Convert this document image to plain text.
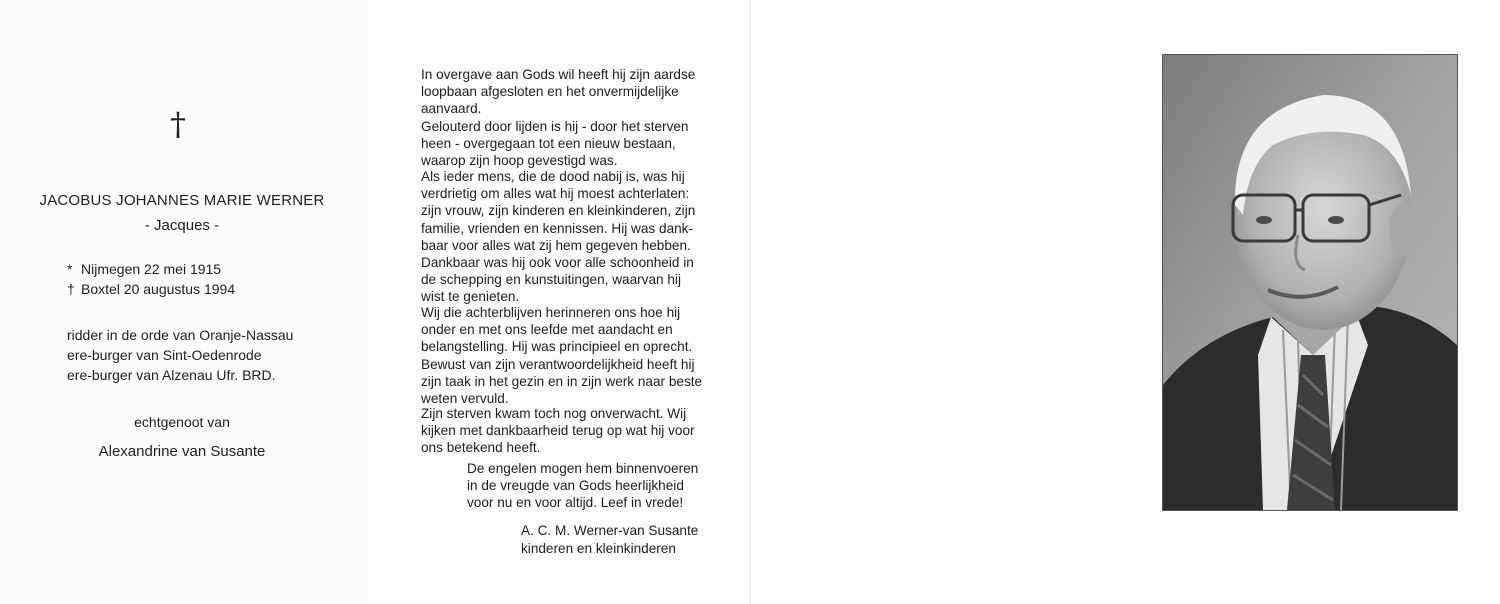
†
JACOBUS JOHANNES MARIE WERNER
- Jacques -
* Nijmegen 22 mei 1915
† Boxtel 20 augustus 1994
ridder in de orde van Oranje-Nassau
ere-burger van Sint-Oedenrode
ere-burger van Alzenau Ufr. BRD.
echtgenoot van
Alexandrine van Susante
In overgave aan Gods wil heeft hij zijn aardse
loopbaan afgesloten en het onvermijdelijke
aanvaard.
Gelouterd door lijden is hij - door het sterven
heen - overgegaan tot een nieuw bestaan,
waarop zijn hoop gevestigd was.
Als ieder mens, die de dood nabij is, was hij
verdrietig om alles wat hij moest achterlaten:
zijn vrouw, zijn kinderen en kleinkinderen, zijn
familie, vrienden en kennissen. Hij was dank-
baar voor alles wat zij hem gegeven hebben.
Dankbaar was hij ook voor alle schoonheid in
de schepping en kunstuitingen, waarvan hij
wist te genieten.
Wij die achterblijven herinneren ons hoe hij
onder en met ons leefde met aandacht en
belangstelling. Hij was principieel en oprecht.
Bewust van zijn verantwoordelijkheid heeft hij
zijn taak in het gezin en in zijn werk naar beste
weten vervuld.
Zijn sterven kwam toch nog onverwacht. Wij
kijken met dankbaarheid terug op wat hij voor
ons betekend heeft.
De engelen mogen hem binnenvoeren
in de vreugde van Gods heerlijkheid
voor nu en voor altijd. Leef in vrede!
A. C. M. Werner-van Susante
kinderen en kleinkinderen
